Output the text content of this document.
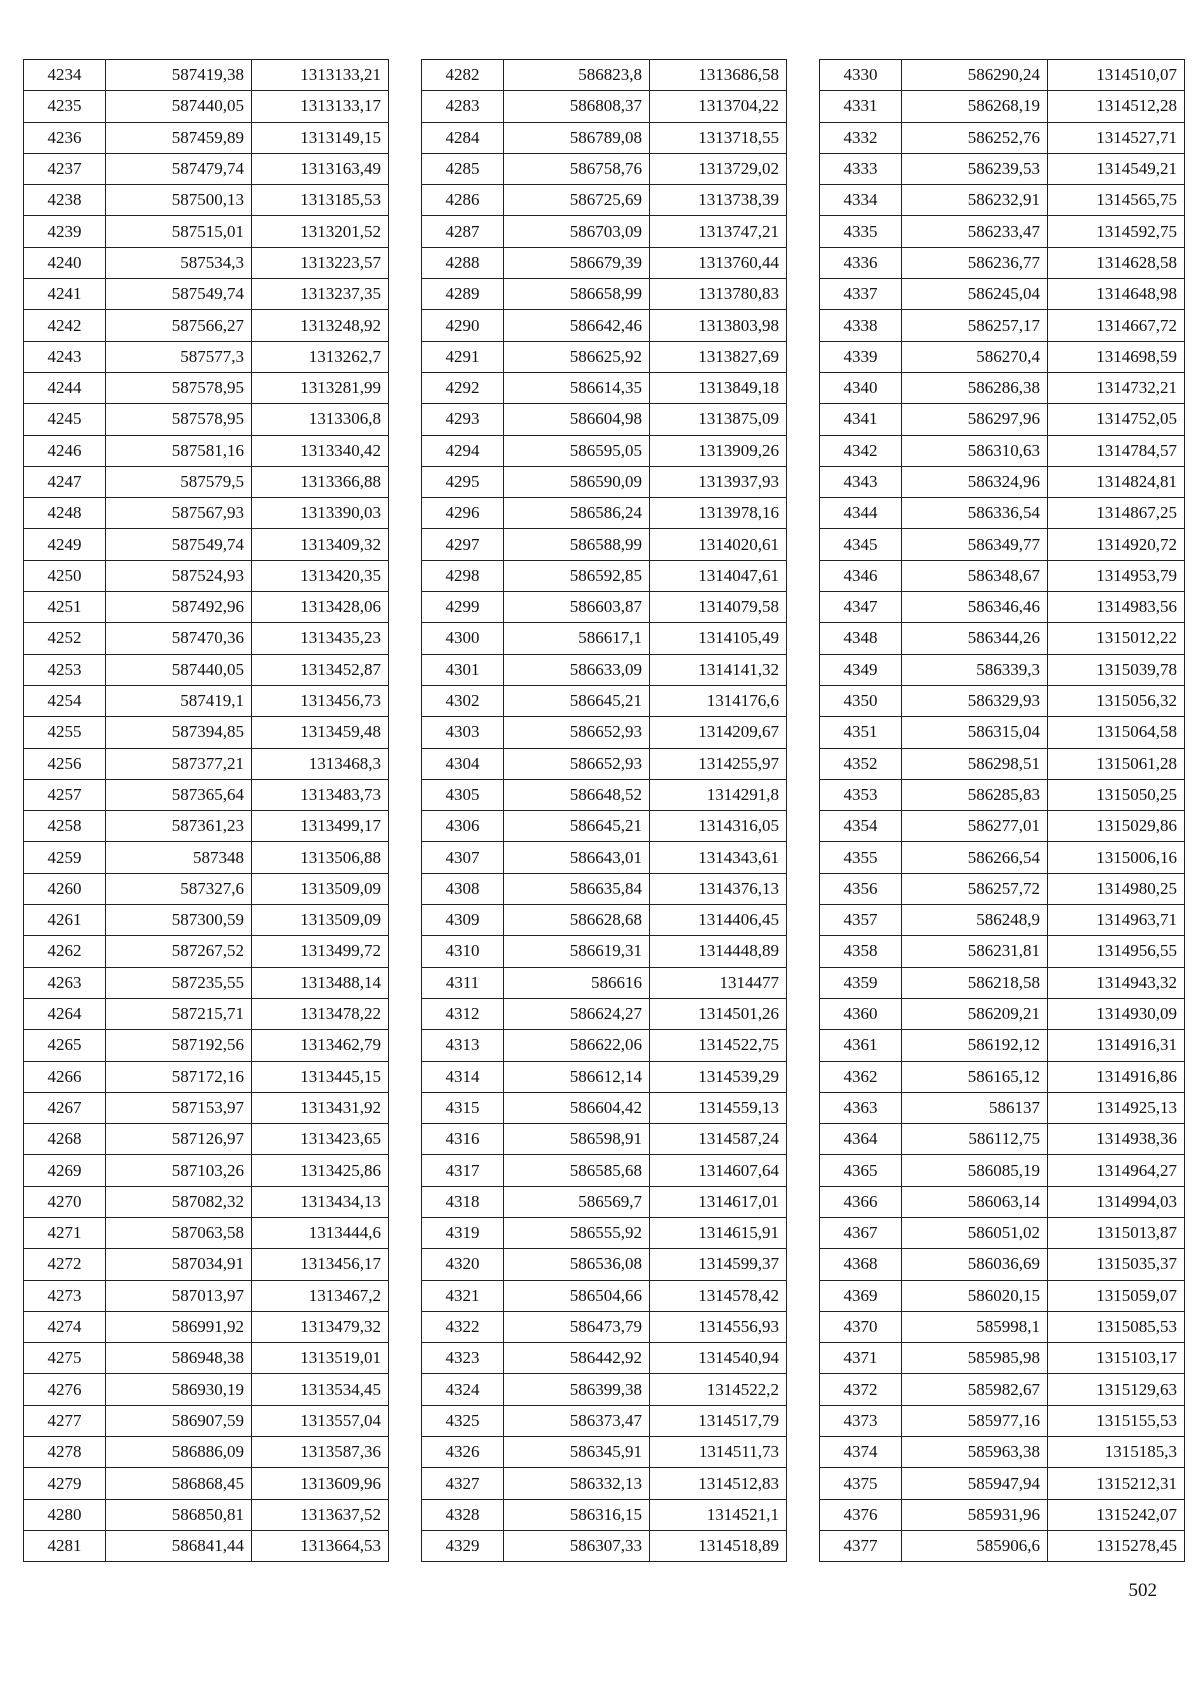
4234	587419,38	1313133,21
4235	587440,05	1313133,17
4236	587459,89	1313149,15
4237	587479,74	1313163,49
4238	587500,13	1313185,53
4239	587515,01	1313201,52
4240	587534,3	1313223,57
4241	587549,74	1313237,35
4242	587566,27	1313248,92
4243	587577,3	1313262,7
4244	587578,95	1313281,99
4245	587578,95	1313306,8
4246	587581,16	1313340,42
4247	587579,5	1313366,88
4248	587567,93	1313390,03
4249	587549,74	1313409,32
4250	587524,93	1313420,35
4251	587492,96	1313428,06
4252	587470,36	1313435,23
4253	587440,05	1313452,87
4254	587419,1	1313456,73
4255	587394,85	1313459,48
4256	587377,21	1313468,3
4257	587365,64	1313483,73
4258	587361,23	1313499,17
4259	587348	1313506,88
4260	587327,6	1313509,09
4261	587300,59	1313509,09
4262	587267,52	1313499,72
4263	587235,55	1313488,14
4264	587215,71	1313478,22
4265	587192,56	1313462,79
4266	587172,16	1313445,15
4267	587153,97	1313431,92
4268	587126,97	1313423,65
4269	587103,26	1313425,86
4270	587082,32	1313434,13
4271	587063,58	1313444,6
4272	587034,91	1313456,17
4273	587013,97	1313467,2
4274	586991,92	1313479,32
4275	586948,38	1313519,01
4276	586930,19	1313534,45
4277	586907,59	1313557,04
4278	586886,09	1313587,36
4279	586868,45	1313609,96
4280	586850,81	1313637,52
4281	586841,44	1313664,53
4282	586823,8	1313686,58
4283	586808,37	1313704,22
4284	586789,08	1313718,55
4285	586758,76	1313729,02
4286	586725,69	1313738,39
4287	586703,09	1313747,21
4288	586679,39	1313760,44
4289	586658,99	1313780,83
4290	586642,46	1313803,98
4291	586625,92	1313827,69
4292	586614,35	1313849,18
4293	586604,98	1313875,09
4294	586595,05	1313909,26
4295	586590,09	1313937,93
4296	586586,24	1313978,16
4297	586588,99	1314020,61
4298	586592,85	1314047,61
4299	586603,87	1314079,58
4300	586617,1	1314105,49
4301	586633,09	1314141,32
4302	586645,21	1314176,6
4303	586652,93	1314209,67
4304	586652,93	1314255,97
4305	586648,52	1314291,8
4306	586645,21	1314316,05
4307	586643,01	1314343,61
4308	586635,84	1314376,13
4309	586628,68	1314406,45
4310	586619,31	1314448,89
4311	586616	1314477
4312	586624,27	1314501,26
4313	586622,06	1314522,75
4314	586612,14	1314539,29
4315	586604,42	1314559,13
4316	586598,91	1314587,24
4317	586585,68	1314607,64
4318	586569,7	1314617,01
4319	586555,92	1314615,91
4320	586536,08	1314599,37
4321	586504,66	1314578,42
4322	586473,79	1314556,93
4323	586442,92	1314540,94
4324	586399,38	1314522,2
4325	586373,47	1314517,79
4326	586345,91	1314511,73
4327	586332,13	1314512,83
4328	586316,15	1314521,1
4329	586307,33	1314518,89
4330	586290,24	1314510,07
4331	586268,19	1314512,28
4332	586252,76	1314527,71
4333	586239,53	1314549,21
4334	586232,91	1314565,75
4335	586233,47	1314592,75
4336	586236,77	1314628,58
4337	586245,04	1314648,98
4338	586257,17	1314667,72
4339	586270,4	1314698,59
4340	586286,38	1314732,21
4341	586297,96	1314752,05
4342	586310,63	1314784,57
4343	586324,96	1314824,81
4344	586336,54	1314867,25
4345	586349,77	1314920,72
4346	586348,67	1314953,79
4347	586346,46	1314983,56
4348	586344,26	1315012,22
4349	586339,3	1315039,78
4350	586329,93	1315056,32
4351	586315,04	1315064,58
4352	586298,51	1315061,28
4353	586285,83	1315050,25
4354	586277,01	1315029,86
4355	586266,54	1315006,16
4356	586257,72	1314980,25
4357	586248,9	1314963,71
4358	586231,81	1314956,55
4359	586218,58	1314943,32
4360	586209,21	1314930,09
4361	586192,12	1314916,31
4362	586165,12	1314916,86
4363	586137	1314925,13
4364	586112,75	1314938,36
4365	586085,19	1314964,27
4366	586063,14	1314994,03
4367	586051,02	1315013,87
4368	586036,69	1315035,37
4369	586020,15	1315059,07
4370	585998,1	1315085,53
4371	585985,98	1315103,17
4372	585982,67	1315129,63
4373	585977,16	1315155,53
4374	585963,38	1315185,3
4375	585947,94	1315212,31
4376	585931,96	1315242,07
4377	585906,6	1315278,45
502
